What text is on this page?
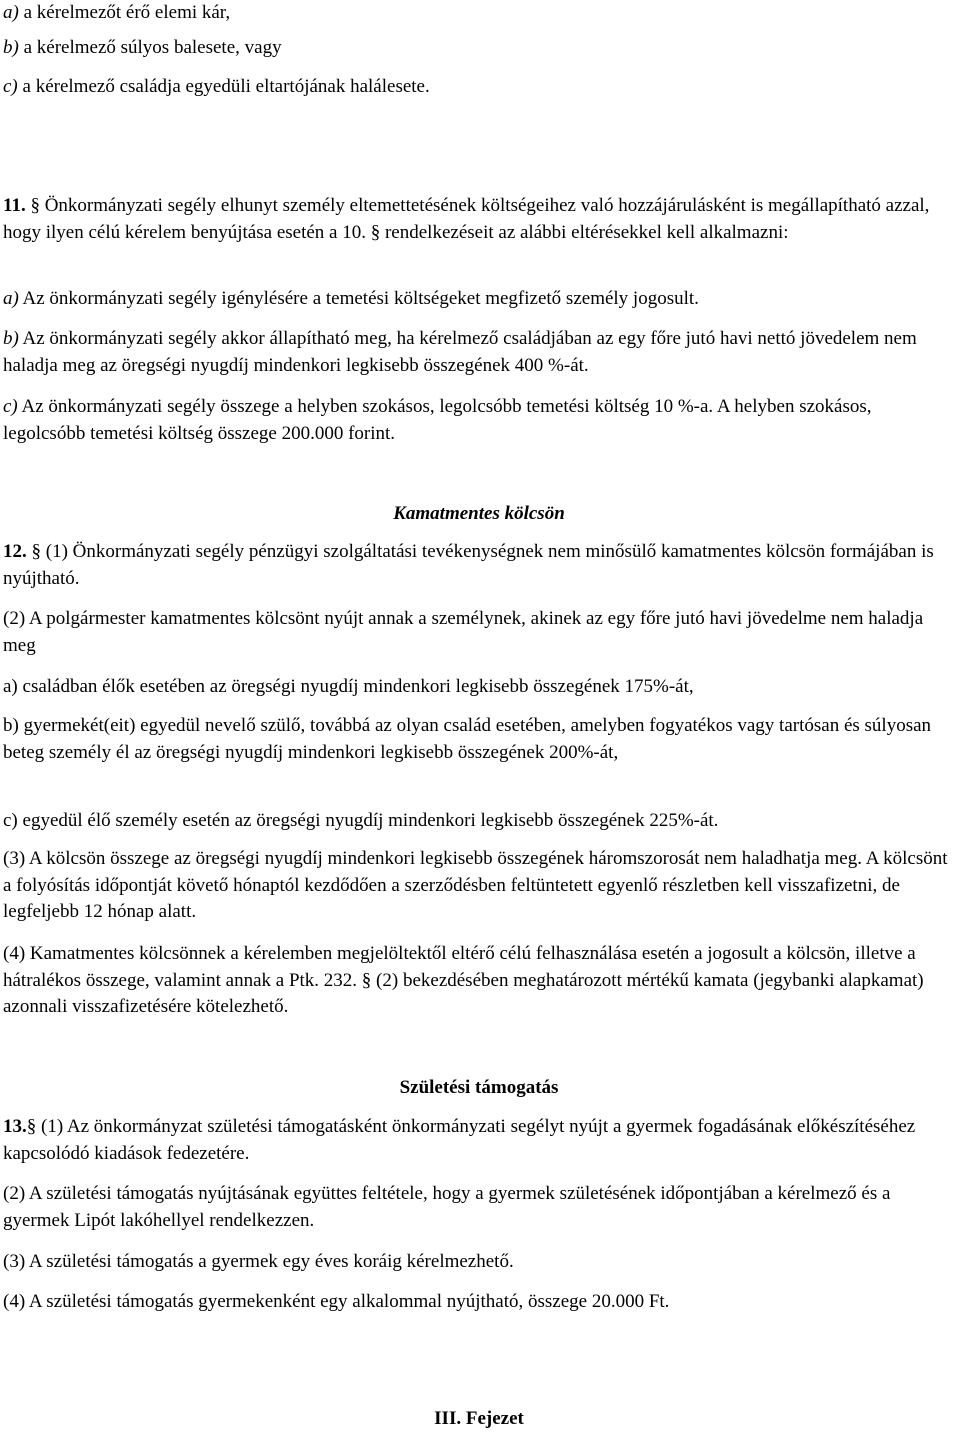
a) a kérelmezőt érő elemi kár,

b) a kérelmező súlyos balesete, vagy

c) a kérelmező családja egyedüli eltartójának halálesete.

11. § Önkormányzati segély elhunyt személy eltemettetésének költségeihez való hozzájárulásként is megállapítható azzal, hogy ilyen célú kérelem benyújtása esetén a 10. § rendelkezéseit az alábbi eltérésekkel kell alkalmazni:

a) Az önkormányzati segély igénylésére a temetési költségeket megfizető személy jogosult.

b) Az önkormányzati segély akkor állapítható meg, ha kérelmező családjában az egy főre jutó havi nettó jövedelem nem haladja meg az öregségi nyugdíj mindenkori legkisebb összegének 400 %-át.

c) Az önkormányzati segély összege a helyben szokásos, legolcsóbb temetési költség 10 %-a. A helyben szokásos, legolcsóbb temetési költség összege 200.000 forint.

Kamatmentes kölcsön

12. § (1) Önkormányzati segély pénzügyi szolgáltatási tevékenységnek nem minősülő kamatmentes kölcsön formájában is nyújtható.

(2) A polgármester kamatmentes kölcsönt nyújt annak a személynek, akinek az egy főre jutó havi jövedelme nem haladja meg

a) családban élők esetében az öregségi nyugdíj mindenkori legkisebb összegének 175%-át,

b) gyermekét(eit) egyedül nevelő szülő, továbbá az olyan család esetében, amelyben fogyatékos vagy tartósan és súlyosan beteg személy él az öregségi nyugdíj mindenkori legkisebb összegének 200%-át,

c) egyedül élő személy esetén az öregségi nyugdíj mindenkori legkisebb összegének 225%-át.

(3) A kölcsön összege az öregségi nyugdíj mindenkori legkisebb összegének háromszorosát nem haladhatja meg. A kölcsönt a folyósítás időpontját követő hónaptól kezdődően a szerződésben feltüntetett egyenlő részletben kell visszafizetni, de legfeljebb 12 hónap alatt.

(4) Kamatmentes kölcsönnek a kérelemben megjelöltektől eltérő célú felhasználása esetén a jogosult a kölcsön, illetve a hátralékos összege, valamint annak a Ptk. 232. § (2) bekezdésében meghatározott mértékű kamata (jegybanki alapkamat) azonnali visszafizetésére kötelezhető.

Születési támogatás

13.§ (1) Az önkormányzat születési támogatásként önkormányzati segélyt nyújt a gyermek fogadásának előkészítéséhez kapcsolódó kiadások fedezetére.

(2) A születési támogatás nyújtásának együttes feltétele, hogy a gyermek születésének időpontjában a kérelmező és a gyermek Lipót lakóhellyel rendelkezzen.

(3) A születési támogatás a gyermek egy éves koráig kérelmezhető.

(4) A születési támogatás gyermekenként egy alkalommal nyújtható, összege 20.000 Ft.

III. Fejezet
